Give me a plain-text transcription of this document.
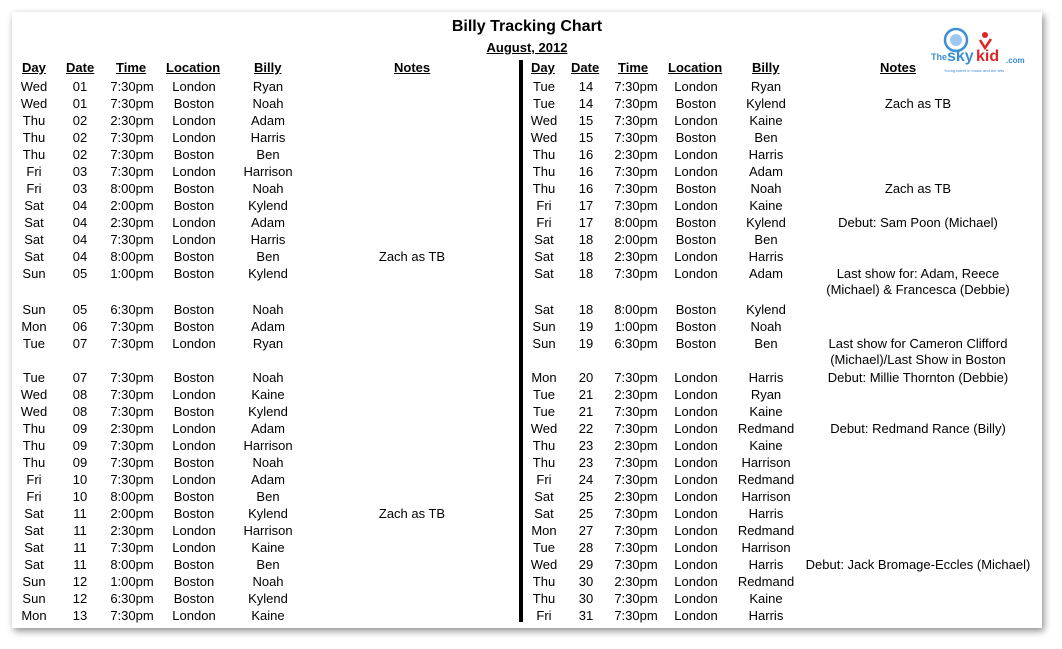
Billy Tracking Chart
August, 2012
The sky kid .com
Young talent in music and the arts
Day Date Time Location	Billy	Notes	Day Date Time Location Billy	Notes
Wed	01	7:30pm	London	Ryan
Wed	01	7:30pm	Boston	Noah
Thu	02	2:30pm	London	Adam
Thu	02	7:30pm	London	Harris
Thu	02	7:30pm	Boston	Ben
Fri	03	7:30pm	London	Harrison
Fri	03	8:00pm	Boston	Noah
Sat	04	2:00pm	Boston	Kylend
Sat	04	2:30pm	London	Adam
Sat	04	7:30pm	London	Harris
Sat	04	8:00pm	Boston	Ben	Zach as TB
Sun	05	1:00pm	Boston	Kylend
Sun	05	6:30pm	Boston	Noah
Mon	06	7:30pm	Boston	Adam
Tue	07	7:30pm	London	Ryan
Tue	07	7:30pm	Boston	Noah
Wed	08	7:30pm	London	Kaine
Wed	08	7:30pm	Boston	Kylend
Thu	09	2:30pm	London	Adam
Thu	09	7:30pm	London	Harrison
Thu	09	7:30pm	Boston	Noah
Fri	10	7:30pm	London	Adam
Fri	10	8:00pm	Boston	Ben
Sat	11	2:00pm	Boston	Kylend	Zach as TB
Sat	11	2:30pm	London	Harrison
Sat	11	7:30pm	London	Kaine
Sat	11	8:00pm	Boston	Ben
Sun	12	1:00pm	Boston	Noah
Sun	12	6:30pm	Boston	Kylend
Mon	13	7:30pm	London	Kaine
Tue	14	7:30pm	London	Ryan
Tue	14	7:30pm	Boston	Kylend	Zach as TB
Wed	15	7:30pm	London	Kaine
Wed	15	7:30pm	Boston	Ben
Thu	16	2:30pm	London	Harris
Thu	16	7:30pm	London	Adam
Thu	16	7:30pm	Boston	Noah	Zach as TB
Fri	17	7:30pm	London	Kaine
Fri	17	8:00pm	Boston	Kylend	Debut: Sam Poon (Michael)
Sat	18	2:00pm	Boston	Ben
Sat	18	2:30pm	London	Harris
Sat	18	7:30pm	London	Adam	Last show for: Adam, Reece
(Michael) & Francesca (Debbie)
Sat	18	8:00pm	Boston	Kylend
Sun	19	1:00pm	Boston	Noah
Sun	19	6:30pm	Boston	Ben	Last show for Cameron Clifford
(Michael)/Last Show in Boston
Mon	20	7:30pm	London	Harris	Debut: Millie Thornton (Debbie)
Tue	21	2:30pm	London	Ryan
Tue	21	7:30pm	London	Kaine
Wed	22	7:30pm	London	Redmand	Debut: Redmand Rance (Billy)
Thu	23	2:30pm	London	Kaine
Thu	23	7:30pm	London	Harrison
Fri	24	7:30pm	London	Redmand
Sat	25	2:30pm	London	Harrison
Sat	25	7:30pm	London	Harris
Mon	27	7:30pm	London	Redmand
Tue	28	7:30pm	London	Harrison
Wed	29	7:30pm	London	Harris	Debut: Jack Bromage-Eccles (Michael)
Thu	30	2:30pm	London	Redmand
Thu	30	7:30pm	London	Kaine
Fri	31	7:30pm	London	Harris
